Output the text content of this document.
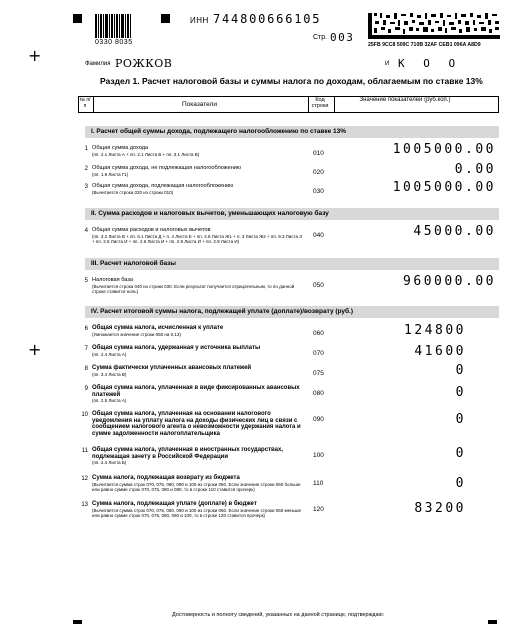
+
+
0330 8035
ИНН 744800666105
Стр. 003
25FB 9CC8 509C 710B 32AF CEB1 096A A8D9
Фамилия РОЖКОВ	И К О О
Раздел 1. Расчет налоговой базы и суммы налога по доходам, облагаемым по ставке 13%
№ п/п	Показатели
Код строки
Значение показателей (руб.коп.)
I. Расчет общей суммы дохода, подлежащего налогообложению по ставке 13%
II. Сумма расходов и налоговых вычетов, уменьшающих налоговую базу
III. Расчет налоговой базы
IV. Расчет итоговой суммы налога, подлежащей уплате (доплате)/возврату (руб.)
1 Общая сумма дохода
(пп. 2.1 Листа А + пп. 2.1 Листа Б + пп. 3.1 Листа В)	010	1005000.00
2 Общая сумма дохода, не подлежащая налогообложению
(пп. 1.9 Листа Г1)	020	0.00
3 Общая сумма дохода, подлежащая налогообложению
(Вычитается строка 020 из строки 010)	030	1005000.00
4 Общая сумма расходов и налоговых вычетов
(пп. 3.2 Листа В + пп. 6.1 Листа Д + п. 4 Листа Е + пп. 2.8 Листа Ж1 + п. 3 Листа Ж2 + пп. 9.3 Листа З + пп. 2.5 Листа И + пп. 2.6 Листа И + пп. 2.8 Листа И + пп. 2.9 Листа И)
040	45000.00
5 Налоговая база
(Вычитается строка 040 из строки 030. Если результат получается отрицательным, то по данной строке ставится ноль)
050	960000.00
6 Общая сумма налога, исчисленная к уплате
(Умножается значение строки 050 на 0,13)	060	124800
7 Общая сумма налога, удержанная у источника выплаты
(пп. 2.4 Листа А)	070	41600
8 Сумма фактически уплаченных авансовых платежей
(пп. 3.4 Листа В)	075	0
9 Общая сумма налога, уплаченная в виде фиксированных авансовых платежей
(пп. 2.5 Листа А)
080	0
10 Общая сумма налога, уплаченная на основании налогового уведомления на уплату налога на доходы физических лиц в связи с сообщением налогового агента о невозможности удержания налога и сумме задолженности налогоплательщика
090	0
11 Общая сумма налога, уплаченная в иностранных государствах, подлежащая зачету в Российской Федерации
(пп. 2.4 Листа Б)
100	0
12 Сумма налога, подлежащая возврату из бюджета
(Вычитается сумма строк 070, 075, 080, 090 и 100 из строки 060. Если значение строки 060 больше или равно сумме строк 070, 075, 080 и 090, то в строке 110 ставится прочерк)
110	0
13 Сумма налога, подлежащая уплате (доплате) в бюджет
(Вычитается сумма строк 070, 075, 080, 090 и 100 из строки 060. Если значение строки 060 меньше или равно сумме строк 070, 075, 080, 090 и 100, то в строке 120 ставится прочерк)
120	83200
Достоверность и полноту сведений, указанных на данной странице, подтверждаю:
